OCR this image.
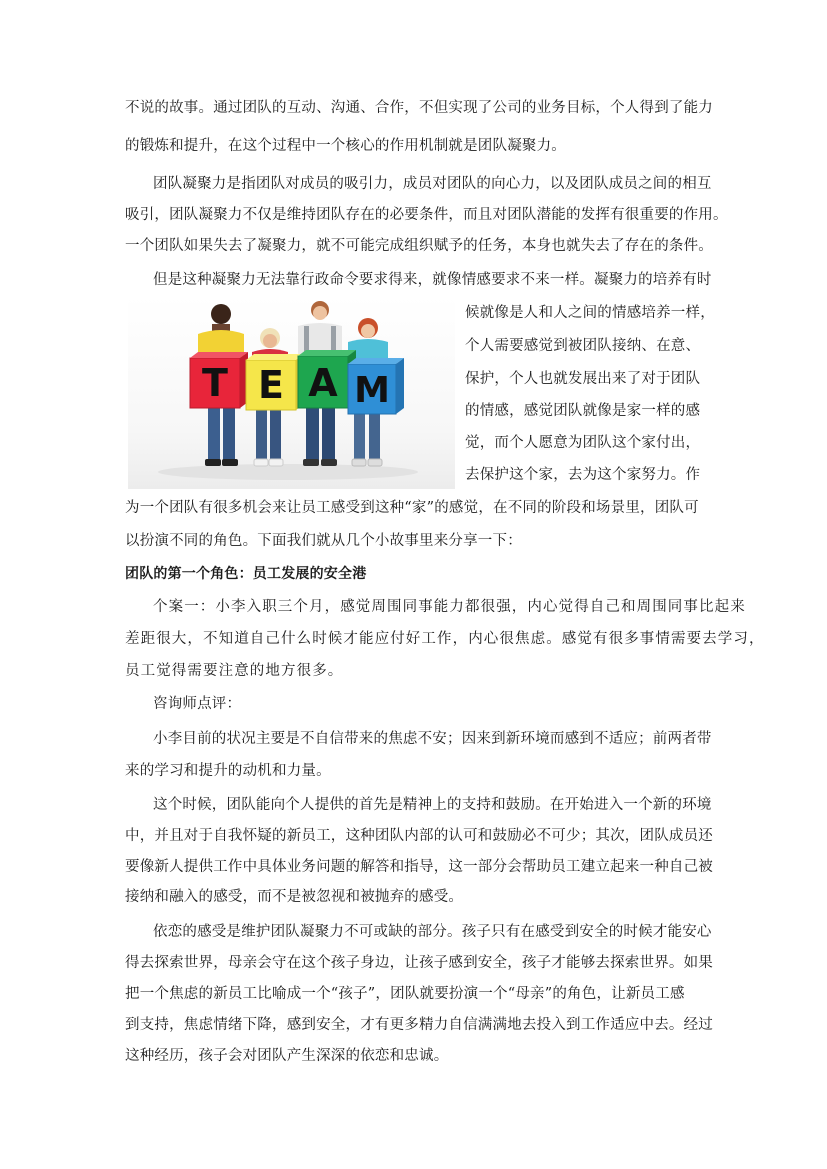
不说的故事。通过团队的互动、沟通、合作，不但实现了公司的业务目标，个人得到了能力
的锻炼和提升，在这个过程中一个核心的作用机制就是团队凝聚力。
团队凝聚力是指团队对成员的吸引力，成员对团队的向心力，以及团队成员之间的相互
吸引，团队凝聚力不仅是维持团队存在的必要条件，而且对团队潜能的发挥有很重要的作用。
一个团队如果失去了凝聚力，就不可能完成组织赋予的任务，本身也就失去了存在的条件。
但是这种凝聚力无法靠行政命令要求得来，就像情感要求不来一样。凝聚力的培养有时
候就像是人和人之间的情感培养一样，
个人需要感觉到被团队接纳、在意、
保护，个人也就发展出来了对于团队
的情感，感觉团队就像是家一样的感
觉，而个人愿意为团队这个家付出，
去保护这个家，去为这个家努力。作
为一个团队有很多机会来让员工感受到这种“家”的感觉，在不同的阶段和场景里，团队可
以扮演不同的角色。下面我们就从几个小故事里来分享一下：
团队的第一个角色：员工发展的安全港
个案一：小李入职三个月，感觉周围同事能力都很强，内心觉得自己和周围同事比起来
差距很大，不知道自己什么时候才能应付好工作，内心很焦虑。感觉有很多事情需要去学习，
员工觉得需要注意的地方很多。
咨询师点评：
小李目前的状况主要是不自信带来的焦虑不安；因来到新环境而感到不适应；前两者带
来的学习和提升的动机和力量。
这个时候，团队能向个人提供的首先是精神上的支持和鼓励。在开始进入一个新的环境
中，并且对于自我怀疑的新员工，这种团队内部的认可和鼓励必不可少；其次，团队成员还
要像新人提供工作中具体业务问题的解答和指导，这一部分会帮助员工建立起来一种自己被
接纳和融入的感受，而不是被忽视和被抛弃的感受。
依恋的感受是维护团队凝聚力不可或缺的部分。孩子只有在感受到安全的时候才能安心
得去探索世界，母亲会守在这个孩子身边，让孩子感到安全，孩子才能够去探索世界。如果
把一个焦虑的新员工比喻成一个“孩子”，团队就要扮演一个“母亲”的角色，让新员工感
到支持，焦虑情绪下降，感到安全，才有更多精力自信满满地去投入到工作适应中去。经过
这种经历，孩子会对团队产生深深的依恋和忠诚。
T E A M
